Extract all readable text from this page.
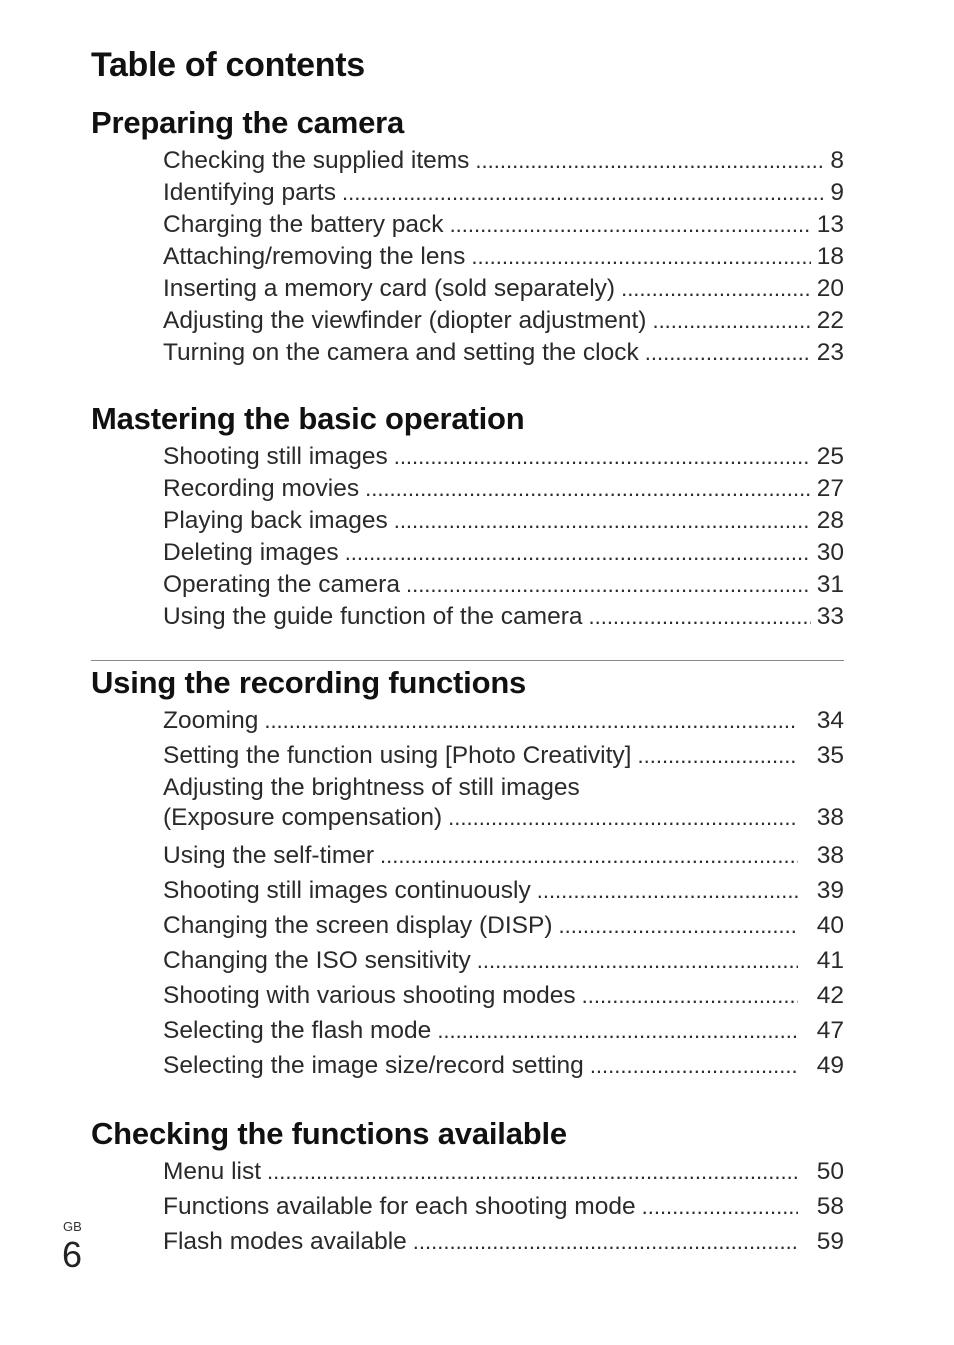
Table of contents
Preparing the camera
Checking the supplied items .....	8
Identifying parts .....	9
Charging the battery pack .....	13
Attaching/removing the lens .....	18
Inserting a memory card (sold separately) .....	20
Adjusting the viewfinder (diopter adjustment) .....	22
Turning on the camera and setting the clock .....	23
Mastering the basic operation
Shooting still images .....	25
Recording movies .....	27
Playing back images .....	28
Deleting images .....	30
Operating the camera .....	31
Using the guide function of the camera .....	33
Using the recording functions
Zooming .....	34
Setting the function using [Photo Creativity] .....	35
Adjusting the brightness of still images
(Exposure compensation) .....	38
Using the self-timer .....	38
Shooting still images continuously .....	39
Changing the screen display (DISP) .....	40
Changing the ISO sensitivity .....	41
Shooting with various shooting modes .....	42
Selecting the flash mode .....	47
Selecting the image size/record setting .....	49
Checking the functions available
Menu list .....	50
Functions available for each shooting mode .....	58
Flash modes available .....	59
GB
6
